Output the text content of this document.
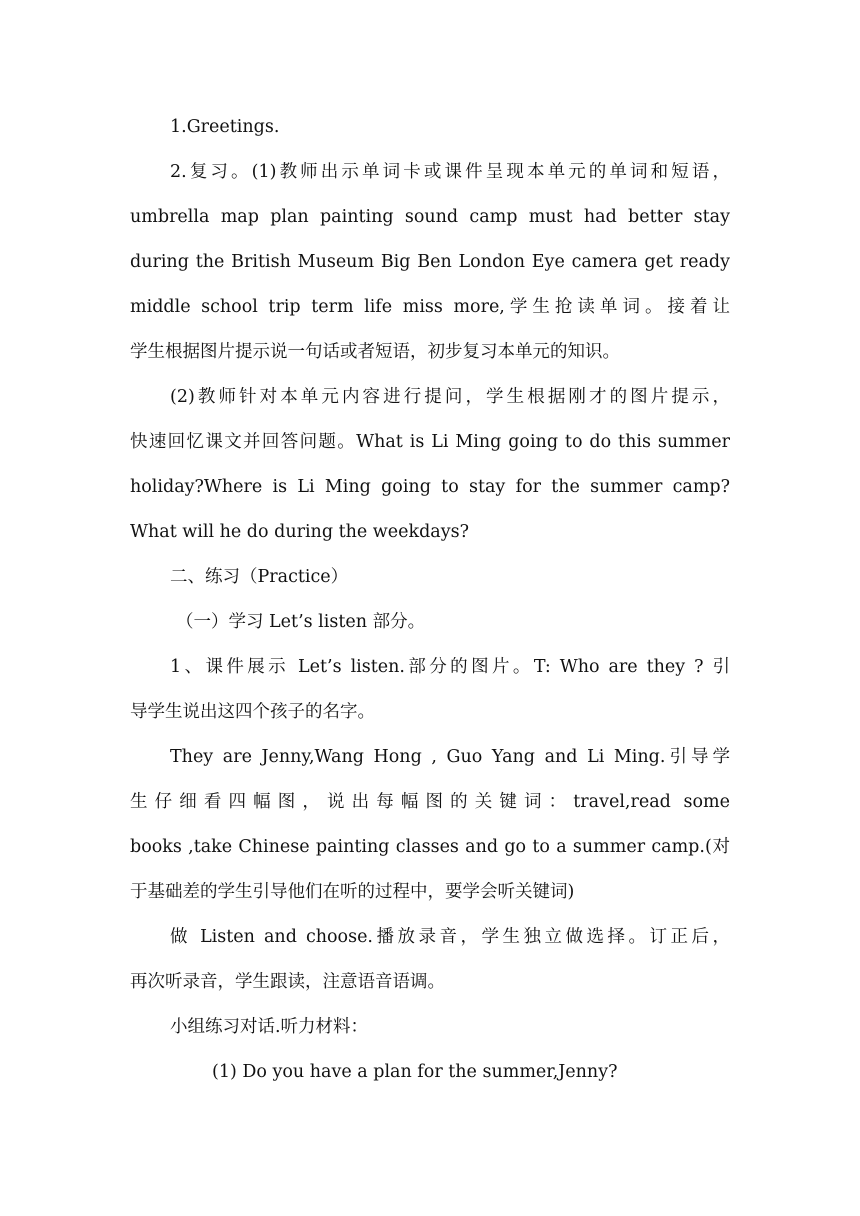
1.Greetings.

2.复习。(1)教师出示单词卡或课件呈现本单元的单词和短语，

umbrella map plan painting sound camp must had better stay

during the British Museum Big Ben London Eye camera get ready

middle school trip term life miss more,学生抢读单词。接着让

学生根据图片提示说一句话或者短语，初步复习本单元的知识。

(2)教师针对本单元内容进行提问，学生根据刚才的图片提示，

快速回忆课文并回答问题。What is Li Ming going to do this summer

holiday?Where is Li Ming going to stay for the summer camp?

What will he do during the weekdays?

二、练习（Practice）

（一）学习 Let’s listen 部分。

1、课件展示 Let’s listen.部分的图片。T: Who are they ? 引

导学生说出这四个孩子的名字。

They are Jenny,Wang Hong , Guo Yang and Li Ming.引导学

生仔细看四幅图，说出每幅图的关键词：travel,read some

books ,take Chinese painting classes and go to a summer camp.(对

于基础差的学生引导他们在听的过程中，要学会听关键词)

做 Listen and choose.播放录音，学生独立做选择。订正后，

再次听录音，学生跟读，注意语音语调。

小组练习对话.听力材料：

(1) Do you have a plan for the summer,Jenny?
